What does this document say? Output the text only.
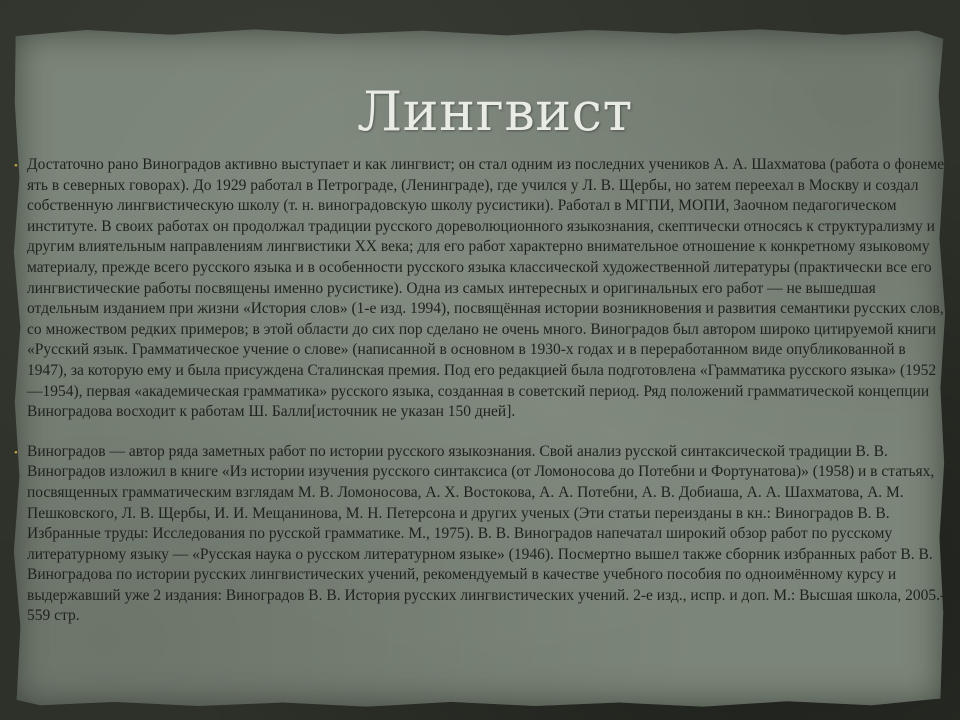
Лингвист

• Достаточно рано Виноградов активно выступает и как лингвист; он стал одним из последних учеников А. А. Шахматова (работа о фонеме ять в северных говорах). До 1929 работал в Петрограде, (Ленинграде), где учился у Л. В. Щербы, но затем переехал в Москву и создал собственную лингвистическую школу (т. н. виноградовскую школу русистики). Работал в МГПИ, МОПИ, Заочном педагогическом институте. В своих работах он продолжал традиции русского дореволюционного языкознания, скептически относясь к структурализму и другим влиятельным направлениям лингвистики XX века; для его работ характерно внимательное отношение к конкретному языковому материалу, прежде всего русского языка и в особенности русского языка классической художественной литературы (практически все его лингвистические работы посвящены именно русистике). Одна из самых интересных и оригинальных его работ — не вышедшая отдельным изданием при жизни «История слов» (1-е изд. 1994), посвящённая истории возникновения и развития семантики русских слов, со множеством редких примеров; в этой области до сих пор сделано не очень много. Виноградов был автором широко цитируемой книги «Русский язык. Грамматическое учение о слове» (написанной в основном в 1930-х годах и в переработанном виде опубликованной в 1947), за которую ему и была присуждена Сталинская премия. Под его редакцией была подготовлена «Грамматика русского языка» (1952—1954), первая «академическая грамматика» русского языка, созданная в советский период. Ряд положений грамматической концепции Виноградова восходит к работам Ш. Балли[источник не указан 150 дней].

• Виноградов — автор ряда заметных работ по истории русского языкознания. Свой анализ русской синтаксической традиции В. В. Виноградов изложил в книге «Из истории изучения русского синтаксиса (от Ломоносова до Потебни и Фортунатова)» (1958) и в статьях, посвященных грамматическим взглядам М. В. Ломоносова, А. Х. Востокова, А. А. Потебни, А. В. Добиаша, А. А. Шахматова, А. М. Пешковского, Л. В. Щербы, И. И. Мещанинова, М. Н. Петерсона и других ученых (Эти статьи переизданы в кн.: Виноградов В. В. Избранные труды: Исследования по русской грамматике. М., 1975). В. В. Виноградов напечатал широкий обзор работ по русскому литературному языку — «Русская наука о русском литературном языке» (1946). Посмертно вышел также сборник избранных работ В. В. Виноградова по истории русских лингвистических учений, рекомендуемый в качестве учебного пособия по одноимённому курсу и выдержавший уже 2 издания: Виноградов В. В. История русских лингвистических учений. 2-е изд., испр. и доп. М.: Высшая школа, 2005.- 559 стр.
